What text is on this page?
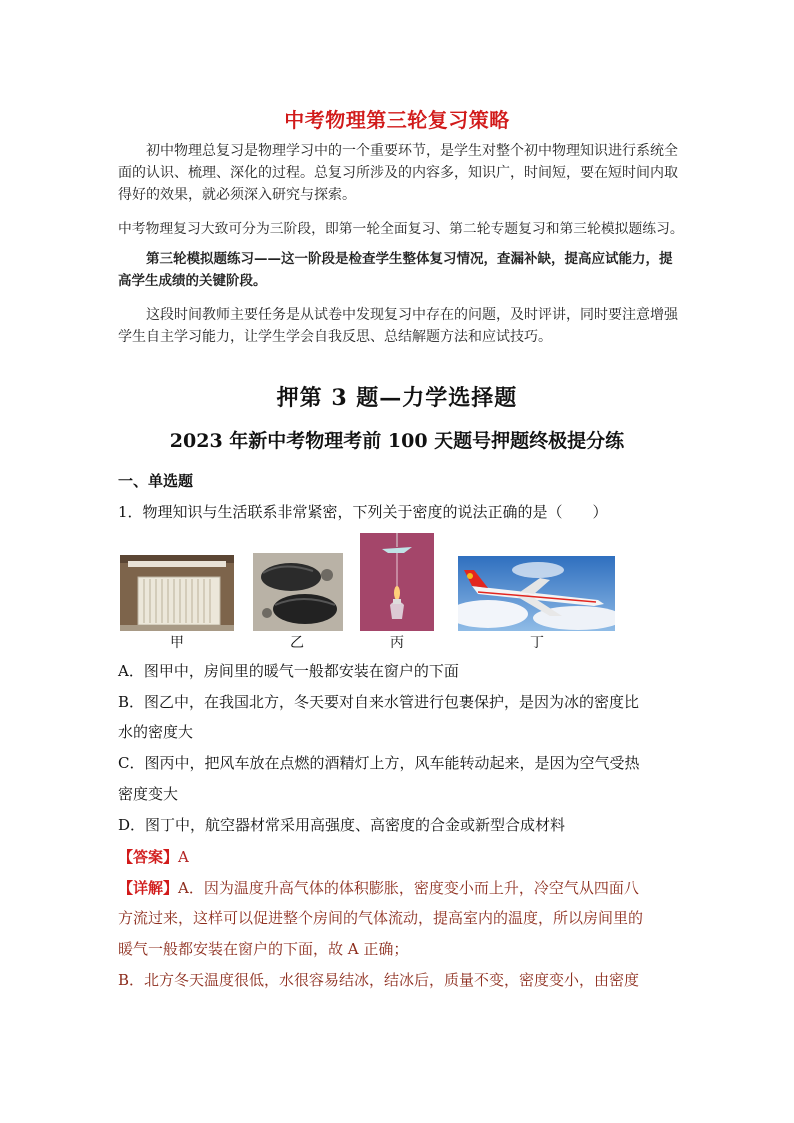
中考物理第三轮复习策略
初中物理总复习是物理学习中的一个重要环节，是学生对整个初中物理知识进行系统全面的认识、梳理、深化的过程。总复习所涉及的内容多，知识广，时间短，要在短时间内取得好的效果，就必须深入研究与探索。
中考物理复习大致可分为三阶段，即第一轮全面复习、第二轮专题复习和第三轮模拟题练习。
第三轮模拟题练习——这一阶段是检查学生整体复习情况，查漏补缺，提高应试能力，提高学生成绩的关键阶段。
这段时间教师主要任务是从试卷中发现复习中存在的问题，及时评讲，同时要注意增强学生自主学习能力，让学生学会自我反思、总结解题方法和应试技巧。
押第 3 题—力学选择题
2023 年新中考物理考前 100 天题号押题终极提分练
一、单选题
1．物理知识与生活联系非常紧密，下列关于密度的说法正确的是（　　）
甲	乙	丙	丁
A．图甲中，房间里的暖气一般都安装在窗户的下面
B．图乙中，在我国北方，冬天要对自来水管进行包裹保护，是因为冰的密度比
水的密度大
C．图丙中，把风车放在点燃的酒精灯上方，风车能转动起来，是因为空气受热
密度变大
D．图丁中，航空器材常采用高强度、高密度的合金或新型合成材料
【答案】A
【详解】A．因为温度升高气体的体积膨胀，密度变小而上升，冷空气从四面八
方流过来，这样可以促进整个房间的气体流动，提高室内的温度，所以房间里的
暖气一般都安装在窗户的下面，故 A 正确；
B．北方冬天温度很低，水很容易结冰，结冰后，质量不变，密度变小，由密度
